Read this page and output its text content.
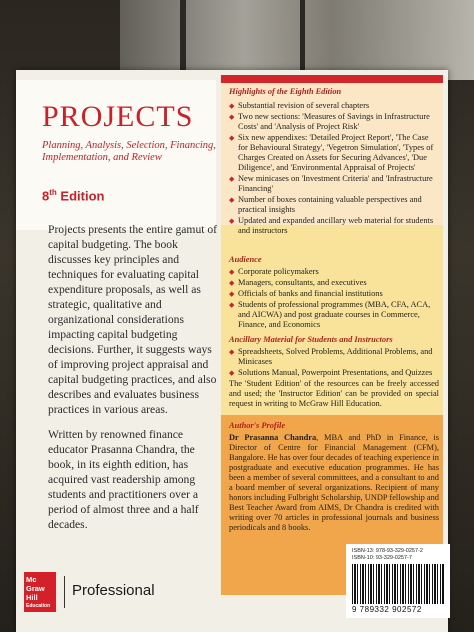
PROJECTS
Planning, Analysis, Selection, Financing, Implementation, and Review
8th Edition

Projects presents the entire gamut of capital budgeting. The book discusses key principles and techniques for evaluating capital expenditure proposals, as well as strategic, qualitative and organizational considerations impacting capital budgeting decisions. Further, it suggests ways of improving project appraisal and capital budgeting practices, and also describes and evaluates business practices in various areas.

Written by renowned finance educator Prasanna Chandra, the book, in its eighth edition, has acquired vast readership among students and practitioners over a period of almost three and a half decades.

Mc
Graw
Hill
Education
Professional
Highlights of the Eighth Edition
◆ Substantial revision of several chapters
◆ Two new sections: 'Measures of Savings in Infrastructure Costs' and 'Analysis of Project Risk'
◆ Six new appendixes: 'Detailed Project Report', 'The Case for Behavioural Strategy', 'Vegetron Simulation', 'Types of Charges Created on Assets for Securing Advances', 'Due Diligence', and 'Environmental Appraisal of Projects'
◆ New minicases on 'Investment Criteria' and 'Infrastructure Financing'
◆ Number of boxes containing valuable perspectives and practical insights
◆ Updated and expanded ancillary web material for students and instructors
Audience
◆ Corporate policymakers
◆ Managers, consultants, and executives
◆ Officials of banks and financial institutions
◆ Students of professional programmes (MBA, CFA, ACA, and AICWA) and post graduate courses in Commerce, Finance, and Economics
Ancillary Material for Students and Instructors
◆ Spreadsheets, Solved Problems, Additional Problems, and Minicases
◆ Solutions Manual, Powerpoint Presentations, and Quizzes
The 'Student Edition' of the resources can be freely accessed and used; the 'Instructor Edition' can be provided on special request in writing to McGraw Hill Education.
Author's Profile
Dr Prasanna Chandra, MBA and PhD in Finance, is Director of Centre for Financial Management (CFM), Bangalore. He has over four decades of teaching experience in postgraduate and executive education programmes. He has been a member of several committees, and a consultant to and a board member of several organizations. Recipient of many honors including Fulbright Scholarship, UNDP fellowship and Best Teacher Award from AIMS, Dr Chandra is credited with writing over 70 articles in professional journals and business periodicals and 8 books.
ISBN-13: 978-93-329-0257-2
ISBN-10: 93-329-0257-7
9 789332 902572
